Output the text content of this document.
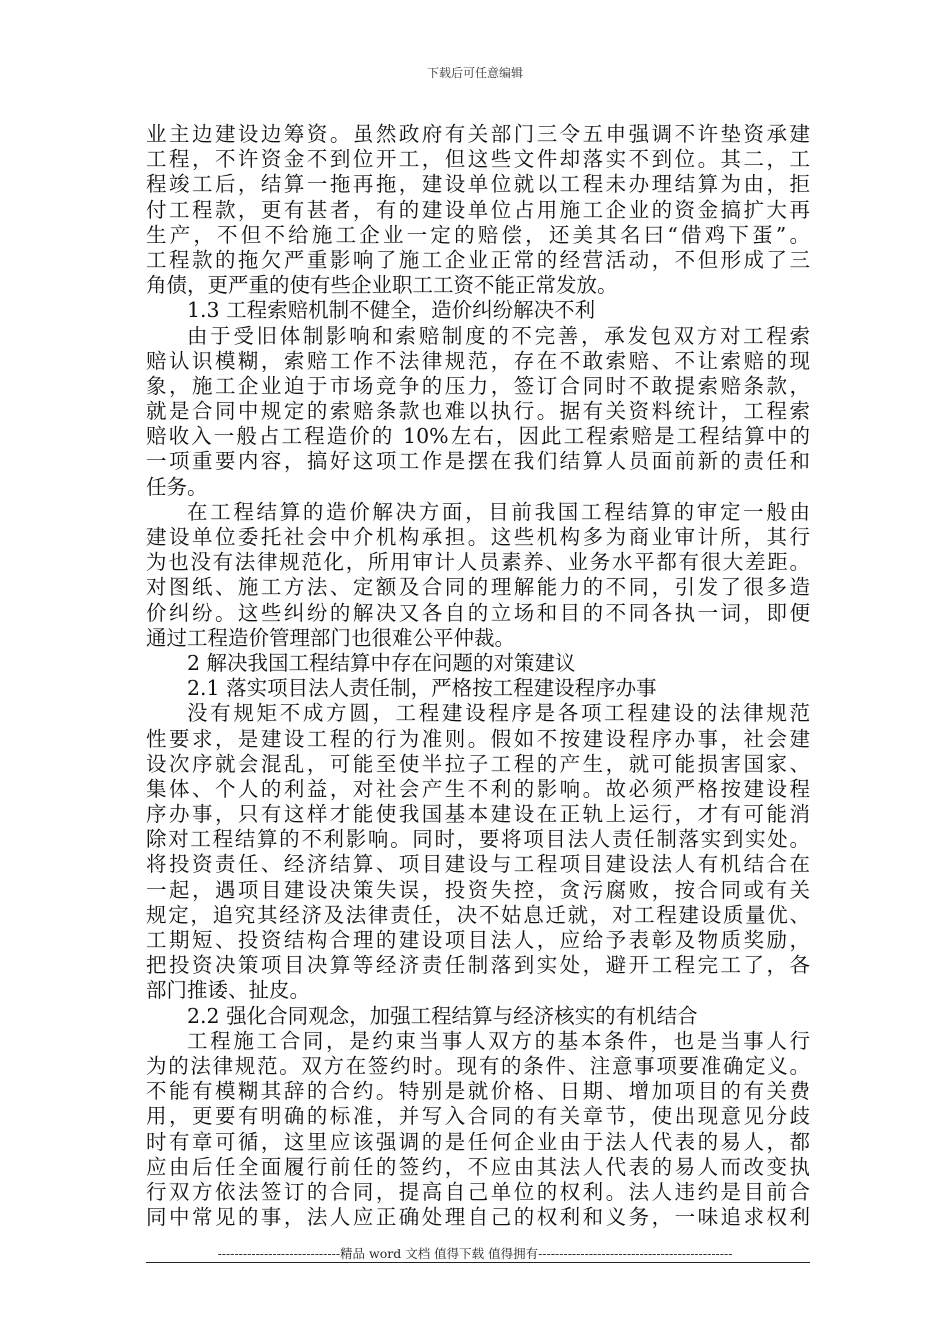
下载后可任意编辑
业主边建设边筹资。虽然政府有关部门三令五申强调不许垫资承建
工程，不许资金不到位开工，但这些文件却落实不到位。其二，工
程竣工后，结算一拖再拖，建设单位就以工程未办理结算为由，拒
付工程款，更有甚者，有的建设单位占用施工企业的资金搞扩大再
生产，不但不给施工企业一定的赔偿，还美其名曰“借鸡下蛋”。
工程款的拖欠严重影响了施工企业正常的经营活动，不但形成了三
角债，更严重的使有些企业职工工资不能正常发放。
1.3 工程索赔机制不健全，造价纠纷解决不利
由于受旧体制影响和索赔制度的不完善，承发包双方对工程索
赔认识模糊，索赔工作不法律规范，存在不敢索赔、不让索赔的现
象，施工企业迫于市场竞争的压力，签订合同时不敢提索赔条款，
就是合同中规定的索赔条款也难以执行。据有关资料统计，工程索
赔收入一般占工程造价的 10%左右，因此工程索赔是工程结算中的
一项重要内容，搞好这项工作是摆在我们结算人员面前新的责任和
任务。
在工程结算的造价解决方面，目前我国工程结算的审定一般由
建设单位委托社会中介机构承担。这些机构多为商业审计所，其行
为也没有法律规范化，所用审计人员素养、业务水平都有很大差距。
对图纸、施工方法、定额及合同的理解能力的不同，引发了很多造
价纠纷。这些纠纷的解决又各自的立场和目的不同各执一词，即便
通过工程造价管理部门也很难公平仲裁。
2 解决我国工程结算中存在问题的对策建议
2.1 落实项目法人责任制，严格按工程建设程序办事
没有规矩不成方圆，工程建设程序是各项工程建设的法律规范
性要求，是建设工程的行为准则。假如不按建设程序办事，社会建
设次序就会混乱，可能至使半拉子工程的产生，就可能损害国家、
集体、个人的利益，对社会产生不利的影响。故必须严格按建设程
序办事，只有这样才能使我国基本建设在正轨上运行，才有可能消
除对工程结算的不利影响。同时，要将项目法人责任制落实到实处。
将投资责任、经济结算、项目建设与工程项目建设法人有机结合在
一起，遇项目建设决策失误，投资失控，贪污腐败，按合同或有关
规定，追究其经济及法律责任，决不姑息迁就，对工程建设质量优、
工期短、投资结构合理的建设项目法人，应给予表彰及物质奖励，
把投资决策项目决算等经济责任制落到实处，避开工程完工了，各
部门推诿、扯皮。
2.2 强化合同观念，加强工程结算与经济核实的有机结合
工程施工合同，是约束当事人双方的基本条件，也是当事人行
为的法律规范。双方在签约时。现有的条件、注意事项要准确定义。
不能有模糊其辞的合约。特别是就价格、日期、增加项目的有关费
用，更要有明确的标准，并写入合同的有关章节，使出现意见分歧
时有章可循，这里应该强调的是任何企业由于法人代表的易人，都
应由后任全面履行前任的签约，不应由其法人代表的易人而改变执
行双方依法签订的合同，提高自己单位的权利。法人违约是目前合
同中常见的事，法人应正确处理自己的权利和义务，一味追求权利
-----------------------------精品 word 文档 值得下载 值得拥有----------------------------------------------
